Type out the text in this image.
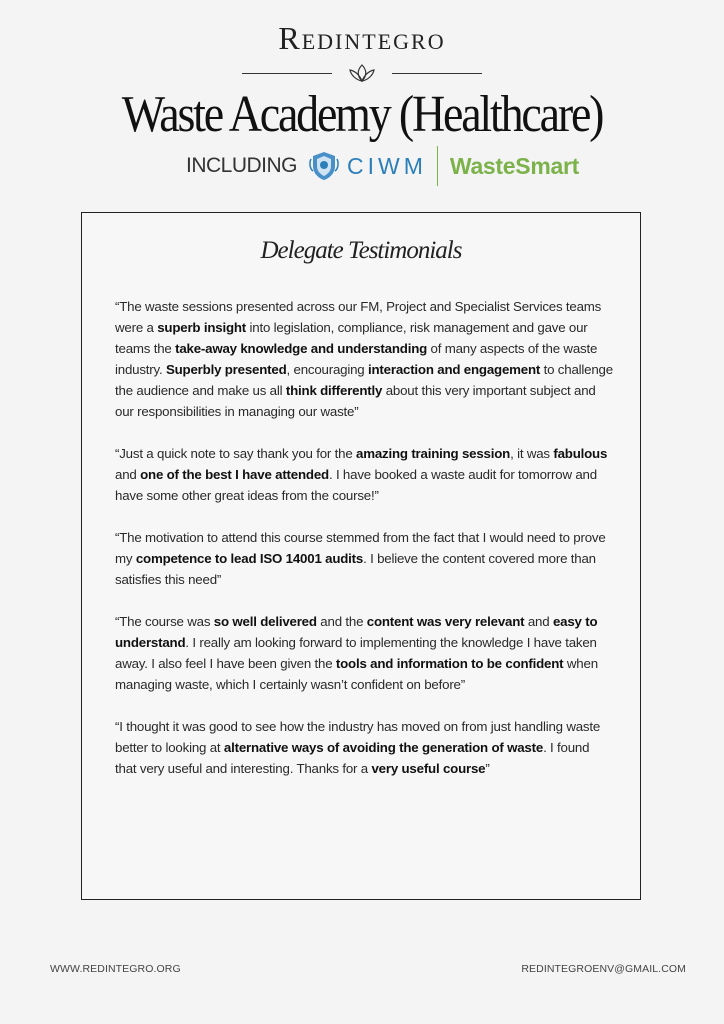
Redintegro
Waste Academy (Healthcare)
INCLUDING CIWM WasteSmart
Delegate Testimonials

“The waste sessions presented across our FM, Project and Specialist Services teams were a superb insight into legislation, compliance, risk management and gave our teams the take-away knowledge and understanding of many aspects of the waste industry. Superbly presented, encouraging interaction and engagement to challenge the audience and make us all think differently about this very important subject and our responsibilities in managing our waste”

“Just a quick note to say thank you for the amazing training session, it was fabulous and one of the best I have attended. I have booked a waste audit for tomorrow and have some other great ideas from the course!”

“The motivation to attend this course stemmed from the fact that I would need to prove my competence to lead ISO 14001 audits. I believe the content covered more than satisfies this need”

“The course was so well delivered and the content was very relevant and easy to understand. I really am looking forward to implementing the knowledge I have taken away. I also feel I have been given the tools and information to be confident when managing waste, which I certainly wasn’t confident on before”

“I thought it was good to see how the industry has moved on from just handling waste better to looking at alternative ways of avoiding the generation of waste. I found that very useful and interesting. Thanks for a very useful course”

WWW.REDINTEGRO.ORG	REDINTEGROENV@GMAIL.COM
